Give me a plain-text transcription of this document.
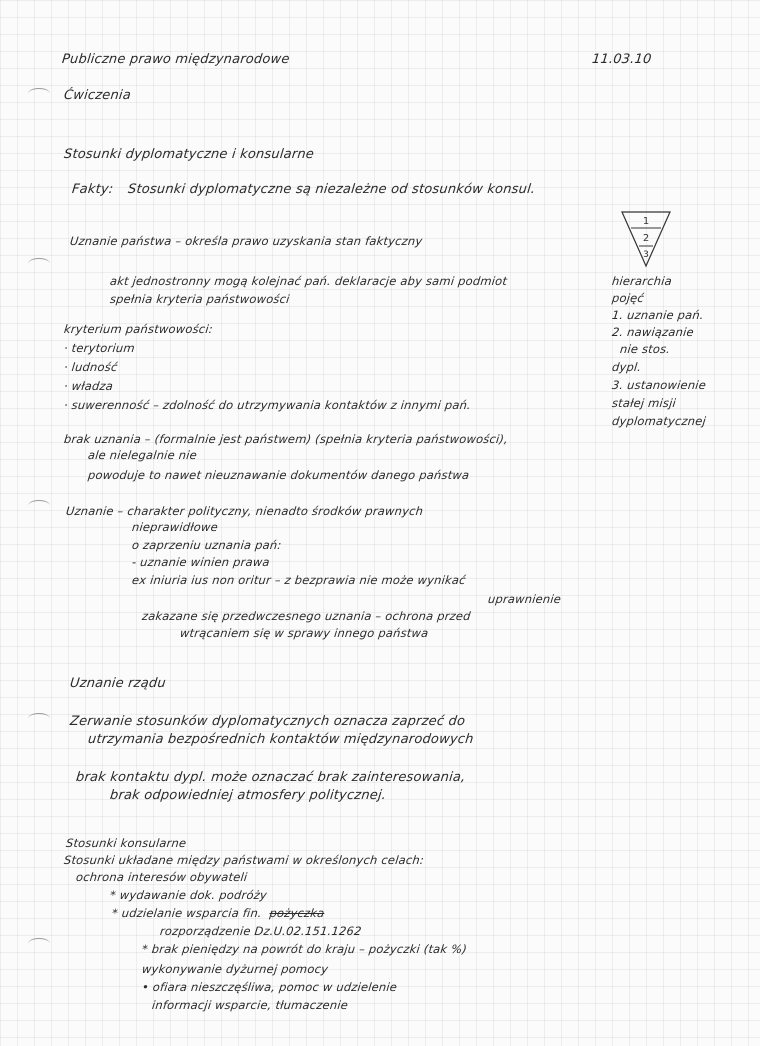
Publiczne prawo międzynarodowe
Ćwiczenia
11.03.10
Stosunki dyplomatyczne i konsularne
Fakty: Stosunki dyplomatyczne są niezależne od stosunków konsul.
Uznanie państwa – określa prawo uzyskania stan faktyczny
akt jednostronny mogą kolejnać pań. deklaracje aby sami podmiot
spełnia kryteria państwowości
kryterium państwowości:
· terytorium
· ludność
· władza
· suwerenność – zdolność do utrzymywania kontaktów z innymi pań.
brak uznania – (formalnie jest państwem) (spełnia kryteria państwowości),
ale nielegalnie nie
powoduje to nawet nieuznawanie dokumentów danego państwa
Uznanie – charakter polityczny, nienadto środków prawnych
nieprawidłowe
o zaprzeniu uznania pań:
- uznanie winien prawa
ex iniuria ius non oritur – z bezprawia nie może wynikać
uprawnienie
zakazane się przedwczesnego uznania – ochrona przed
wtrącaniem się w sprawy innego państwa
Uznanie rządu
Zerwanie stosunków dyplomatycznych oznacza zaprzeć do
utrzymania bezpośrednich kontaktów międzynarodowych
brak kontaktu dypl. może oznaczać brak zainteresowania,
brak odpowiedniej atmosfery politycznej.
Stosunki konsularne
Stosunki układane między państwami w określonych celach:
ochrona interesów obywateli
* wydawanie dok. podróży
* udzielanie wsparcia fin. pożyczka
rozporządzenie Dz.U.02.151.1262
* brak pieniędzy na powrót do kraju – pożyczki (tak %)
wykonywanie dyżurnej pomocy
• ofiara nieszczęśliwa, pomoc w udzielenie
informacji wsparcie, tłumaczenie
1
2
3
hierarchia
pojęć
1. uznanie pań.
2. nawiązanie
nie stos.
dypl.
3. ustanowienie
stałej misji
dyplomatycznej
